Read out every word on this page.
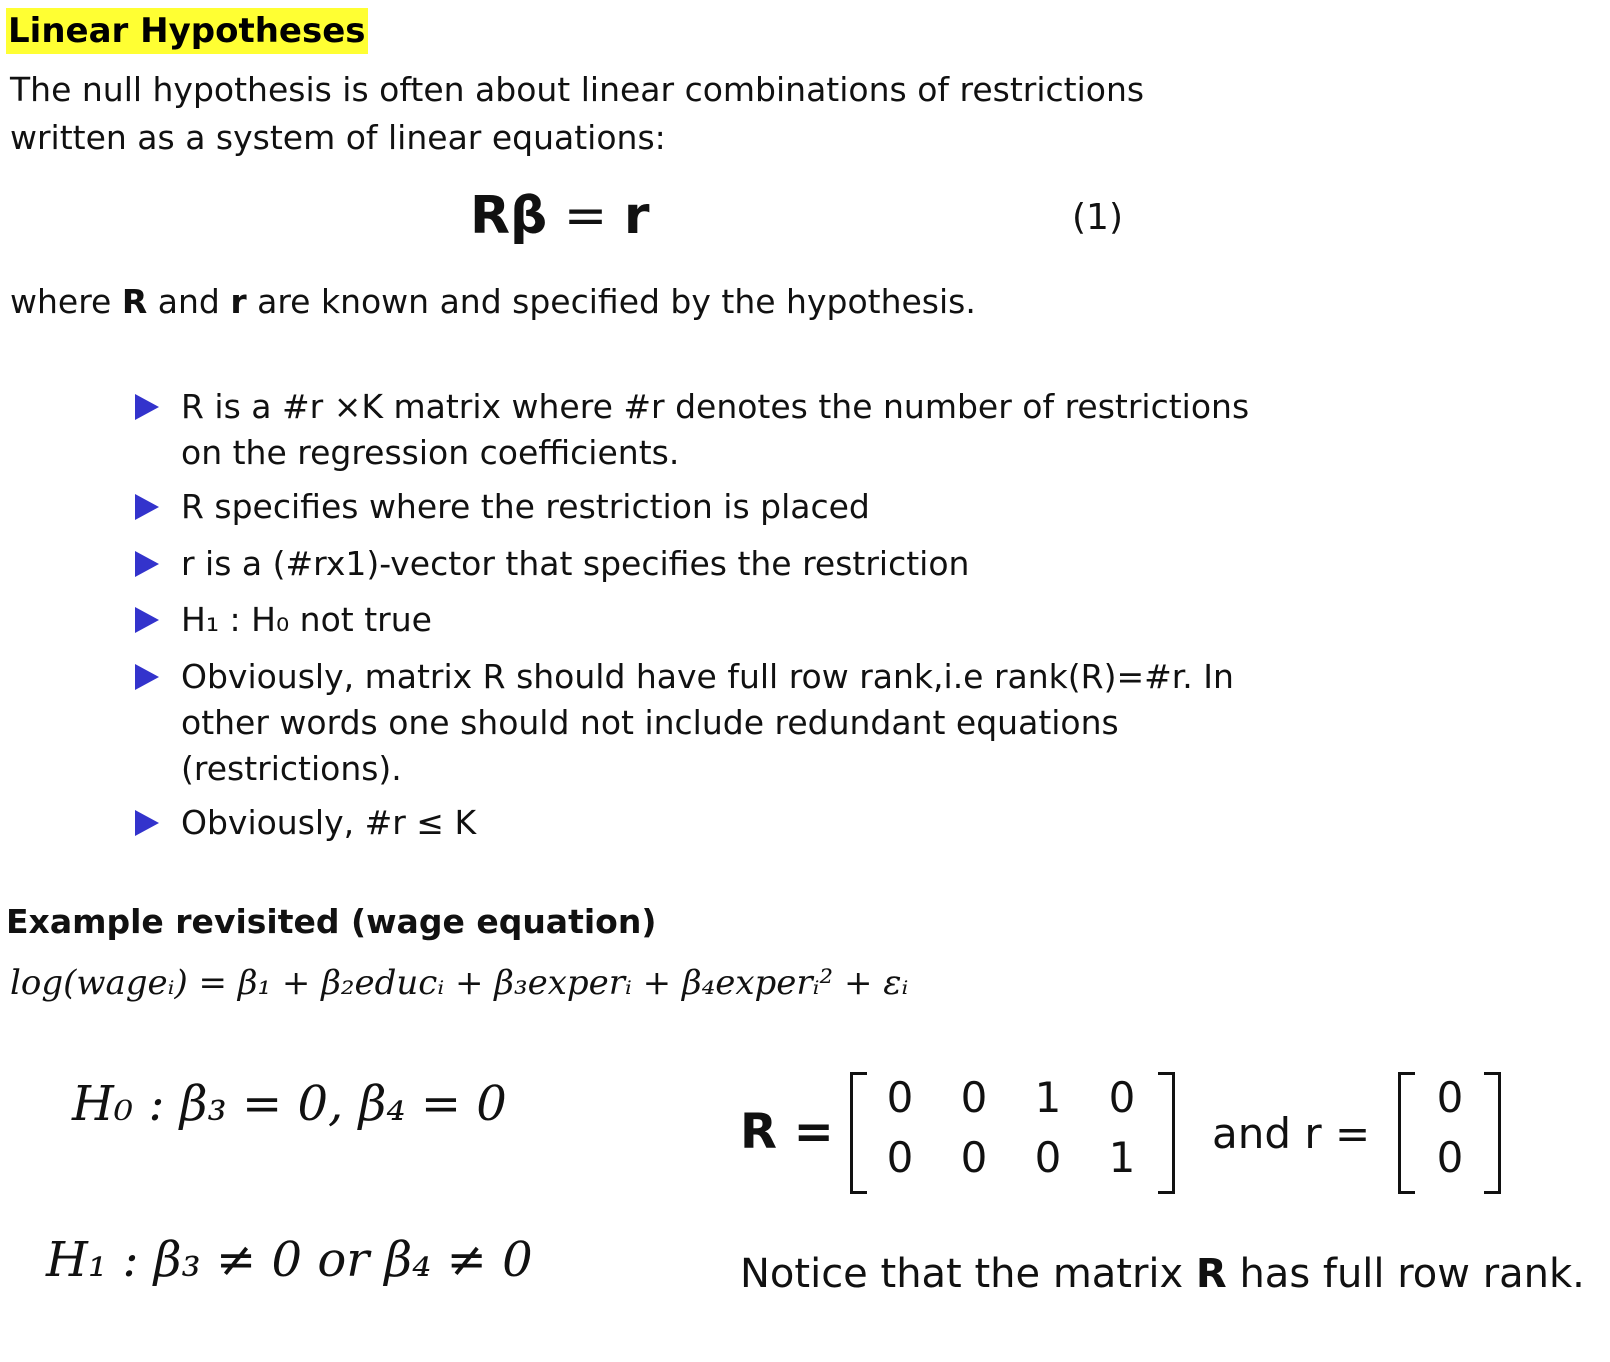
Linear Hypotheses
The null hypothesis is often about linear combinations of restrictions
written as a system of linear equations:
Rβ = r	(1)
where R and r are known and specified by the hypothesis.
R is a #r ×K matrix where #r denotes the number of restrictions
on the regression coefficients.
R specifies where the restriction is placed
r is a (#rx1)-vector that specifies the restriction
H₁ : H₀ not true
Obviously, matrix R should have full row rank,i.e rank(R)=#r. In
other words one should not include redundant equations
(restrictions).
Obviously, #r ≤ K
Example revisited (wage equation)
log(wageᵢ) = β₁ + β₂educᵢ + β₃experᵢ + β₄experᵢ² + εᵢ
H₀ : β₃ = 0, β₄ = 0
H₁ : β₃ ≠ 0 or β₄ ≠ 0
R =
0 0 1 0
0 0 0 1 and r =
0
0
Notice that the matrix R has full row rank.
